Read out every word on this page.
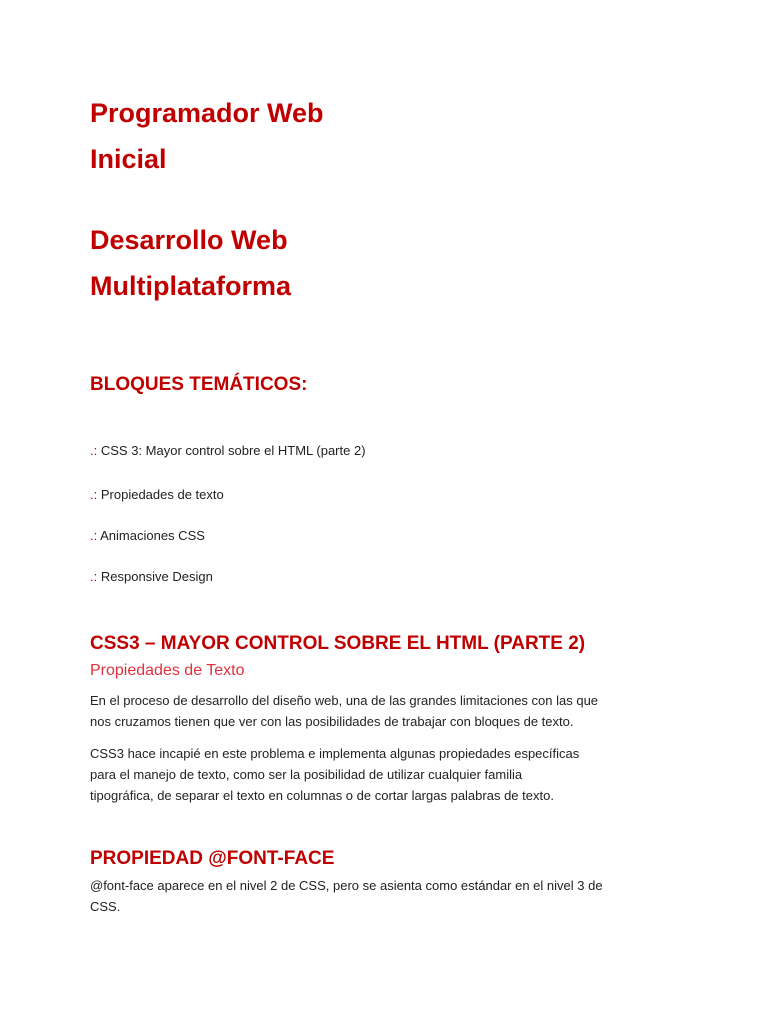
Programador Web
Inicial
Desarrollo Web
Multiplataforma
BLOQUES TEMÁTICOS:
.: CSS 3: Mayor control sobre el HTML (parte 2)
.: Propiedades de texto
.: Animaciones CSS
.: Responsive Design
CSS3 – MAYOR CONTROL SOBRE EL HTML (PARTE 2)
Propiedades de Texto

En el proceso de desarrollo del diseño web, una de las grandes limitaciones con las que
nos cruzamos tienen que ver con las posibilidades de trabajar con bloques de texto.

CSS3 hace incapié en este problema e implementa algunas propiedades específicas
para el manejo de texto, como ser la posibilidad de utilizar cualquier familia
tipográfica, de separar el texto en columnas o de cortar largas palabras de texto.

PROPIEDAD @FONT-FACE

@font-face aparece en el nivel 2 de CSS, pero se asienta como estándar en el nivel 3 de
CSS.
